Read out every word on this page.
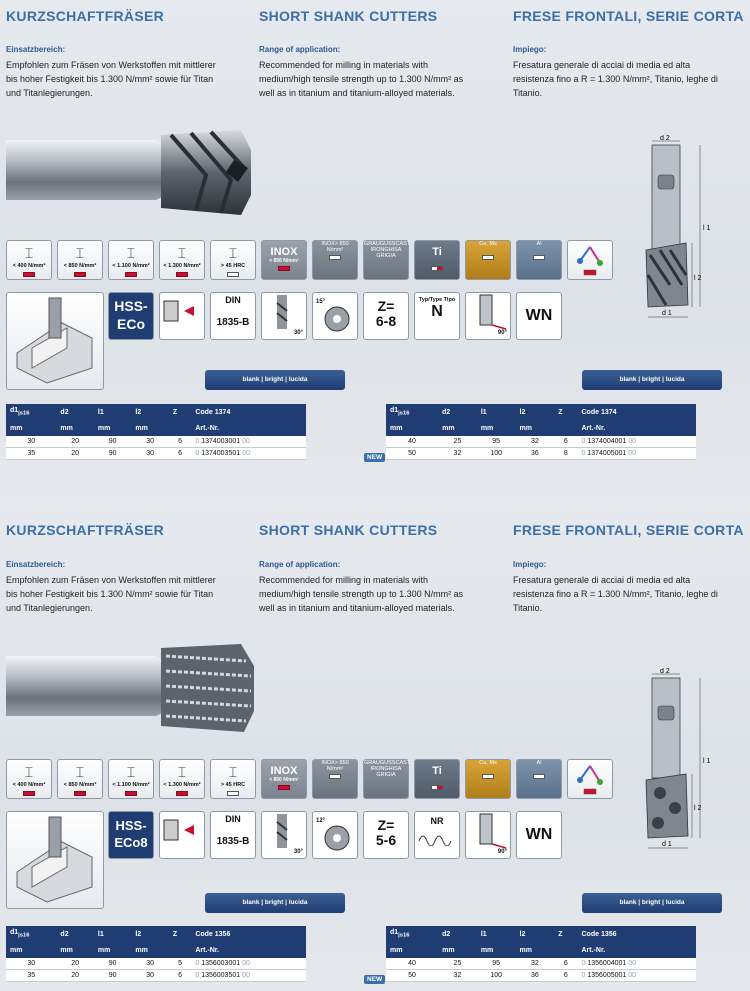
KURZSCHAFTFRÄSER	SHORT SHANK CUTTERS	FRESE FRONTALI, SERIE CORTA
Einsatzbereich:	Range of application:	Impiego:
Empfohlen zum Fräsen von Werkstoffen mit mittlerer bis hoher Festigkeit bis 1.300 N/mm² sowie für Titan und Titanlegierungen.
Recommended for milling in materials with medium/high tensile strength up to 1.300 N/mm² as well as in titanium and titanium-alloyed materials.
Fresatura generale di acciai di media ed alta resistenza fino a R = 1.300 N/mm², Titanio, leghe di Titanio.
d 2
l 1
l 2
d 1
⌶
< 400 N/mm²
⌶
< 850 N/mm²
⌶
< 1.100 N/mm²
⌶
< 1.300 N/mm²
⌶
> 45 HRC
INOX
< 850 N/mm²
INOX> 850 N/mm²
GRAUGUSSCAST IRONGHISA GRIGIA	Ti
Cu, Ms	Al
HSS-ECo
DIN
1835-B
30°
15°	Z=
6-8
Typ/Type Tipo
N
90°
WN
blank | bright | lucida	blank | bright | lucida
$d1_{js16}$	d2	l1	l2	Z	Code 1374
mm	mm	mm	mm		Art.-Nr.
30	20	90	30	6	0 1374003001 00
35	20	90	30	6	0 1374003501 00
$d1_{js16}$	d2	l1	l2	Z	Code 1374
mm	mm	mm	mm		Art.-Nr.
40	25	95	32	6	0 1374004001 00
50	32	100	36	8	0 1374005001 00
NEW
KURZSCHAFTFRÄSER	SHORT SHANK CUTTERS	FRESE FRONTALI, SERIE CORTA
Einsatzbereich:	Range of application:	Impiego:
Empfohlen zum Fräsen von Werkstoffen mit mittlerer bis hoher Festigkeit bis 1.300 N/mm² sowie für Titan und Titanlegierungen.
Recommended for milling in materials with medium/high tensile strength up to 1.300 N/mm² as well as in titanium and titanium-alloyed materials.
Fresatura generale di acciai di media ed alta resistenza fino a R = 1.300 N/mm², Titanio, leghe di Titanio.
d 2
l 1
l 2
d 1
⌶
< 400 N/mm²
⌶
< 850 N/mm²
⌶
< 1.100 N/mm²
⌶
< 1.300 N/mm²
⌶
> 45 HRC
INOX
< 850 N/mm²
INOX> 850 N/mm²
GRAUGUSSCAST IRONGHISA GRIGIA	Ti
Cu, Ms	Al
HSS-ECo8
DIN
1835-B
30°
12°	Z=
5-6
NR
90°
WN
blank | bright | lucida	blank | bright | lucida
$d1_{js16}$	d2	l1	l2	Z	Code 1356
mm	mm	mm	mm		Art.-Nr.
30	20	90	30	5	0 1356003001 00
35	20	90	30	6	0 1356003501 00
$d1_{js16}$	d2	l1	l2	Z	Code 1356
mm	mm	mm	mm		Art.-Nr.
40	25	95	32	6	0 1356004001 00
50	32	100	36	6	0 1356005001 00
NEW
